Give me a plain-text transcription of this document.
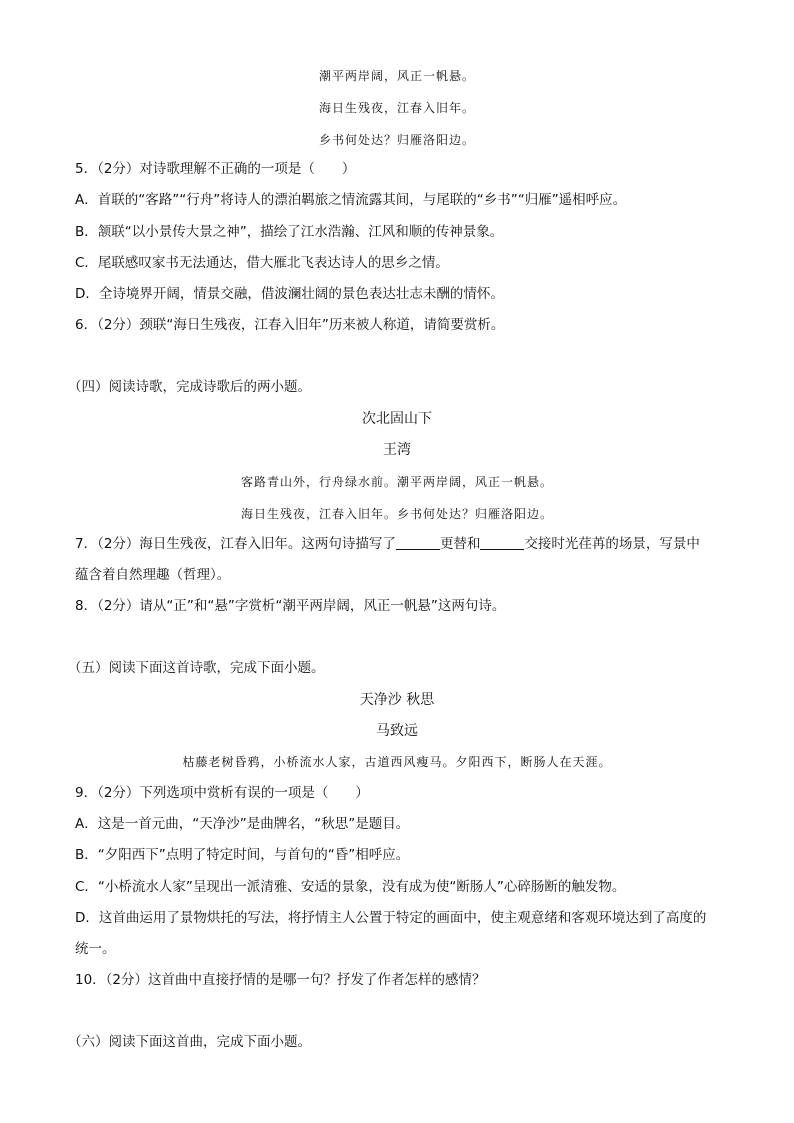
潮平两岸阔，风正一帆悬。
海日生残夜，江春入旧年。
乡书何处达？归雁洛阳边。
5．（2分）对诗歌理解不正确的一项是（　　）
A．首联的“客路”“行舟”将诗人的漂泊羁旅之情流露其间，与尾联的“乡书”“归雁”遥相呼应。
B．颔联“以小景传大景之神”，描绘了江水浩瀚、江风和顺的传神景象。
C．尾联感叹家书无法通达，借大雁北飞表达诗人的思乡之情。
D．全诗境界开阔，情景交融，借波澜壮阔的景色表达壮志未酬的情怀。
6．（2分）颈联“海日生残夜，江春入旧年”历来被人称道，请简要赏析。
（四）阅读诗歌，完成诗歌后的两小题。
次北固山下
王湾
客路青山外，行舟绿水前。潮平两岸阔，风正一帆悬。
海日生残夜，江春入旧年。乡书何处达？归雁洛阳边。
7．（2分）海日生残夜，江春入旧年。这两句诗描写了	更替和	交接时光荏苒的场景，写景中
蕴含着自然理趣（哲理）。
8．（2分）请从“正”和“悬”字赏析“潮平两岸阔，风正一帆悬”这两句诗。
（五）阅读下面这首诗歌，完成下面小题。
天净沙 秋思
马致远
枯藤老树昏鸦，小桥流水人家，古道西风瘦马。夕阳西下，断肠人在天涯。
9．（2分）下列选项中赏析有误的一项是（　　）
A．这是一首元曲，“天净沙”是曲牌名，“秋思”是题目。
B．“夕阳西下”点明了特定时间，与首句的“昏”相呼应。
C．“小桥流水人家”呈现出一派清雅、安适的景象，没有成为使“断肠人”心碎肠断的触发物。
D．这首曲运用了景物烘托的写法，将抒情主人公置于特定的画面中，使主观意绪和客观环境达到了高度的
统一。
10．（2分）这首曲中直接抒情的是哪一句？抒发了作者怎样的感情？
（六）阅读下面这首曲，完成下面小题。
